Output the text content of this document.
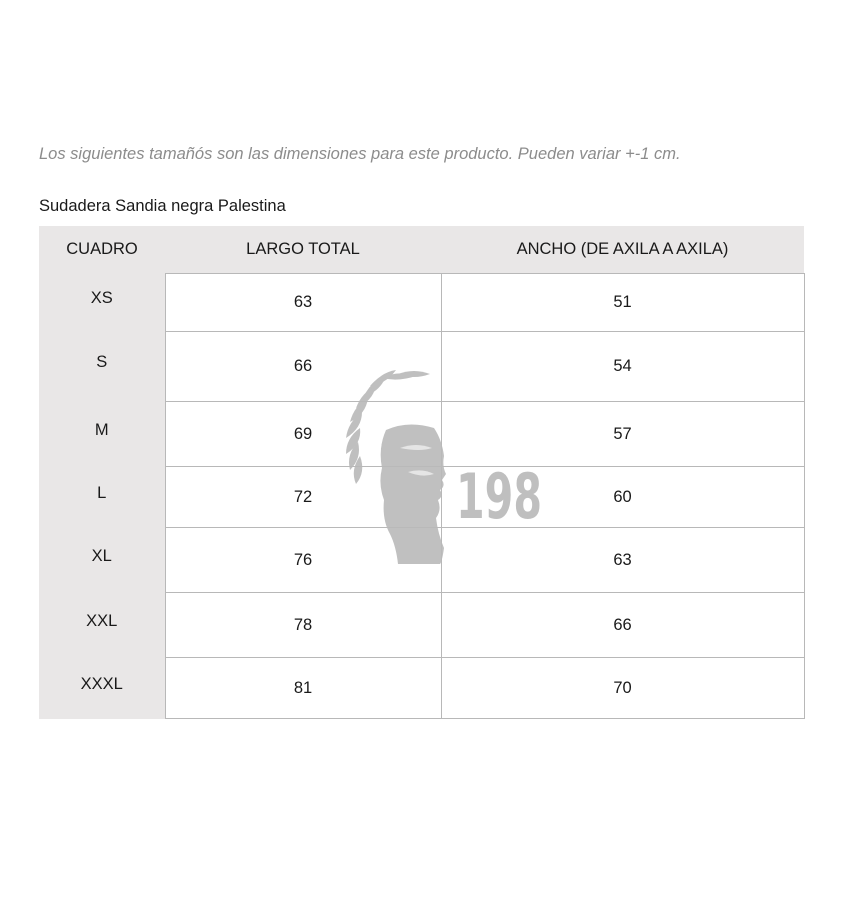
Los siguientes tamañós son las dimensiones para este producto. Pueden variar +-1 cm.

Sudadera Sandia negra Palestina

CUADRO	LARGO TOTAL	ANCHO (DE AXILA A AXILA)
XS	63	51
S	66	54
M	69	57
L	72	60
XL	76	63
XXL	78	66
XXXL	81	70
198
